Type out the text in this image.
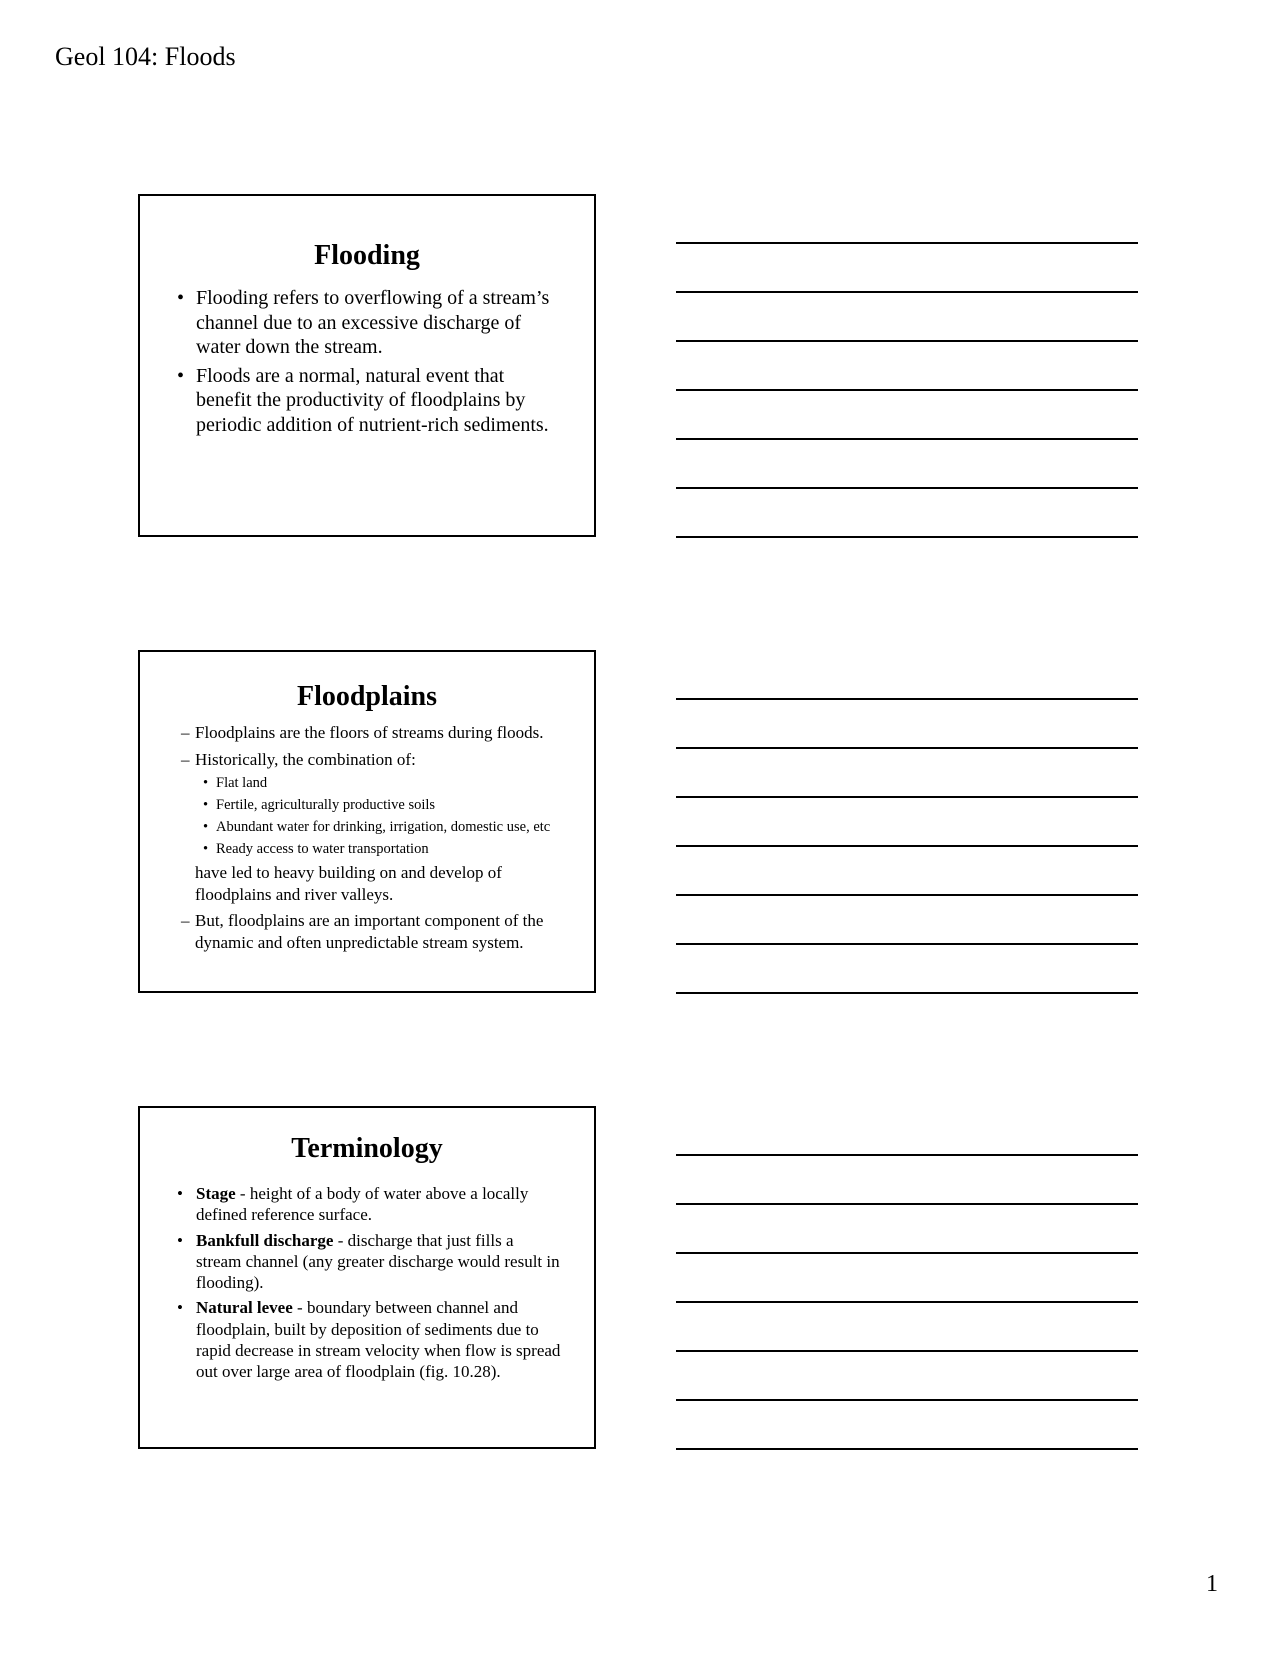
Geol 104: Floods
Flooding
• Flooding refers to overflowing of a stream’s channel due to an excessive discharge of water down the stream.
• Floods are a normal, natural event that benefit the productivity of floodplains by periodic addition of nutrient-rich sediments.
Floodplains
– Floodplains are the floors of streams during floods.
– Historically, the combination of:
• Flat land
• Fertile, agriculturally productive soils
• Abundant water for drinking, irrigation, domestic use, etc
• Ready access to water transportation
have led to heavy building on and develop of floodplains and river valleys.
– But, floodplains are an important component of the dynamic and often unpredictable stream system.
Terminology
• Stage - height of a body of water above a locally defined reference surface.
• Bankfull discharge - discharge that just fills a stream channel (any greater discharge would result in flooding).
• Natural levee - boundary between channel and floodplain, built by deposition of sediments due to rapid decrease in stream velocity when flow is spread out over large area of floodplain (fig. 10.28).
1
